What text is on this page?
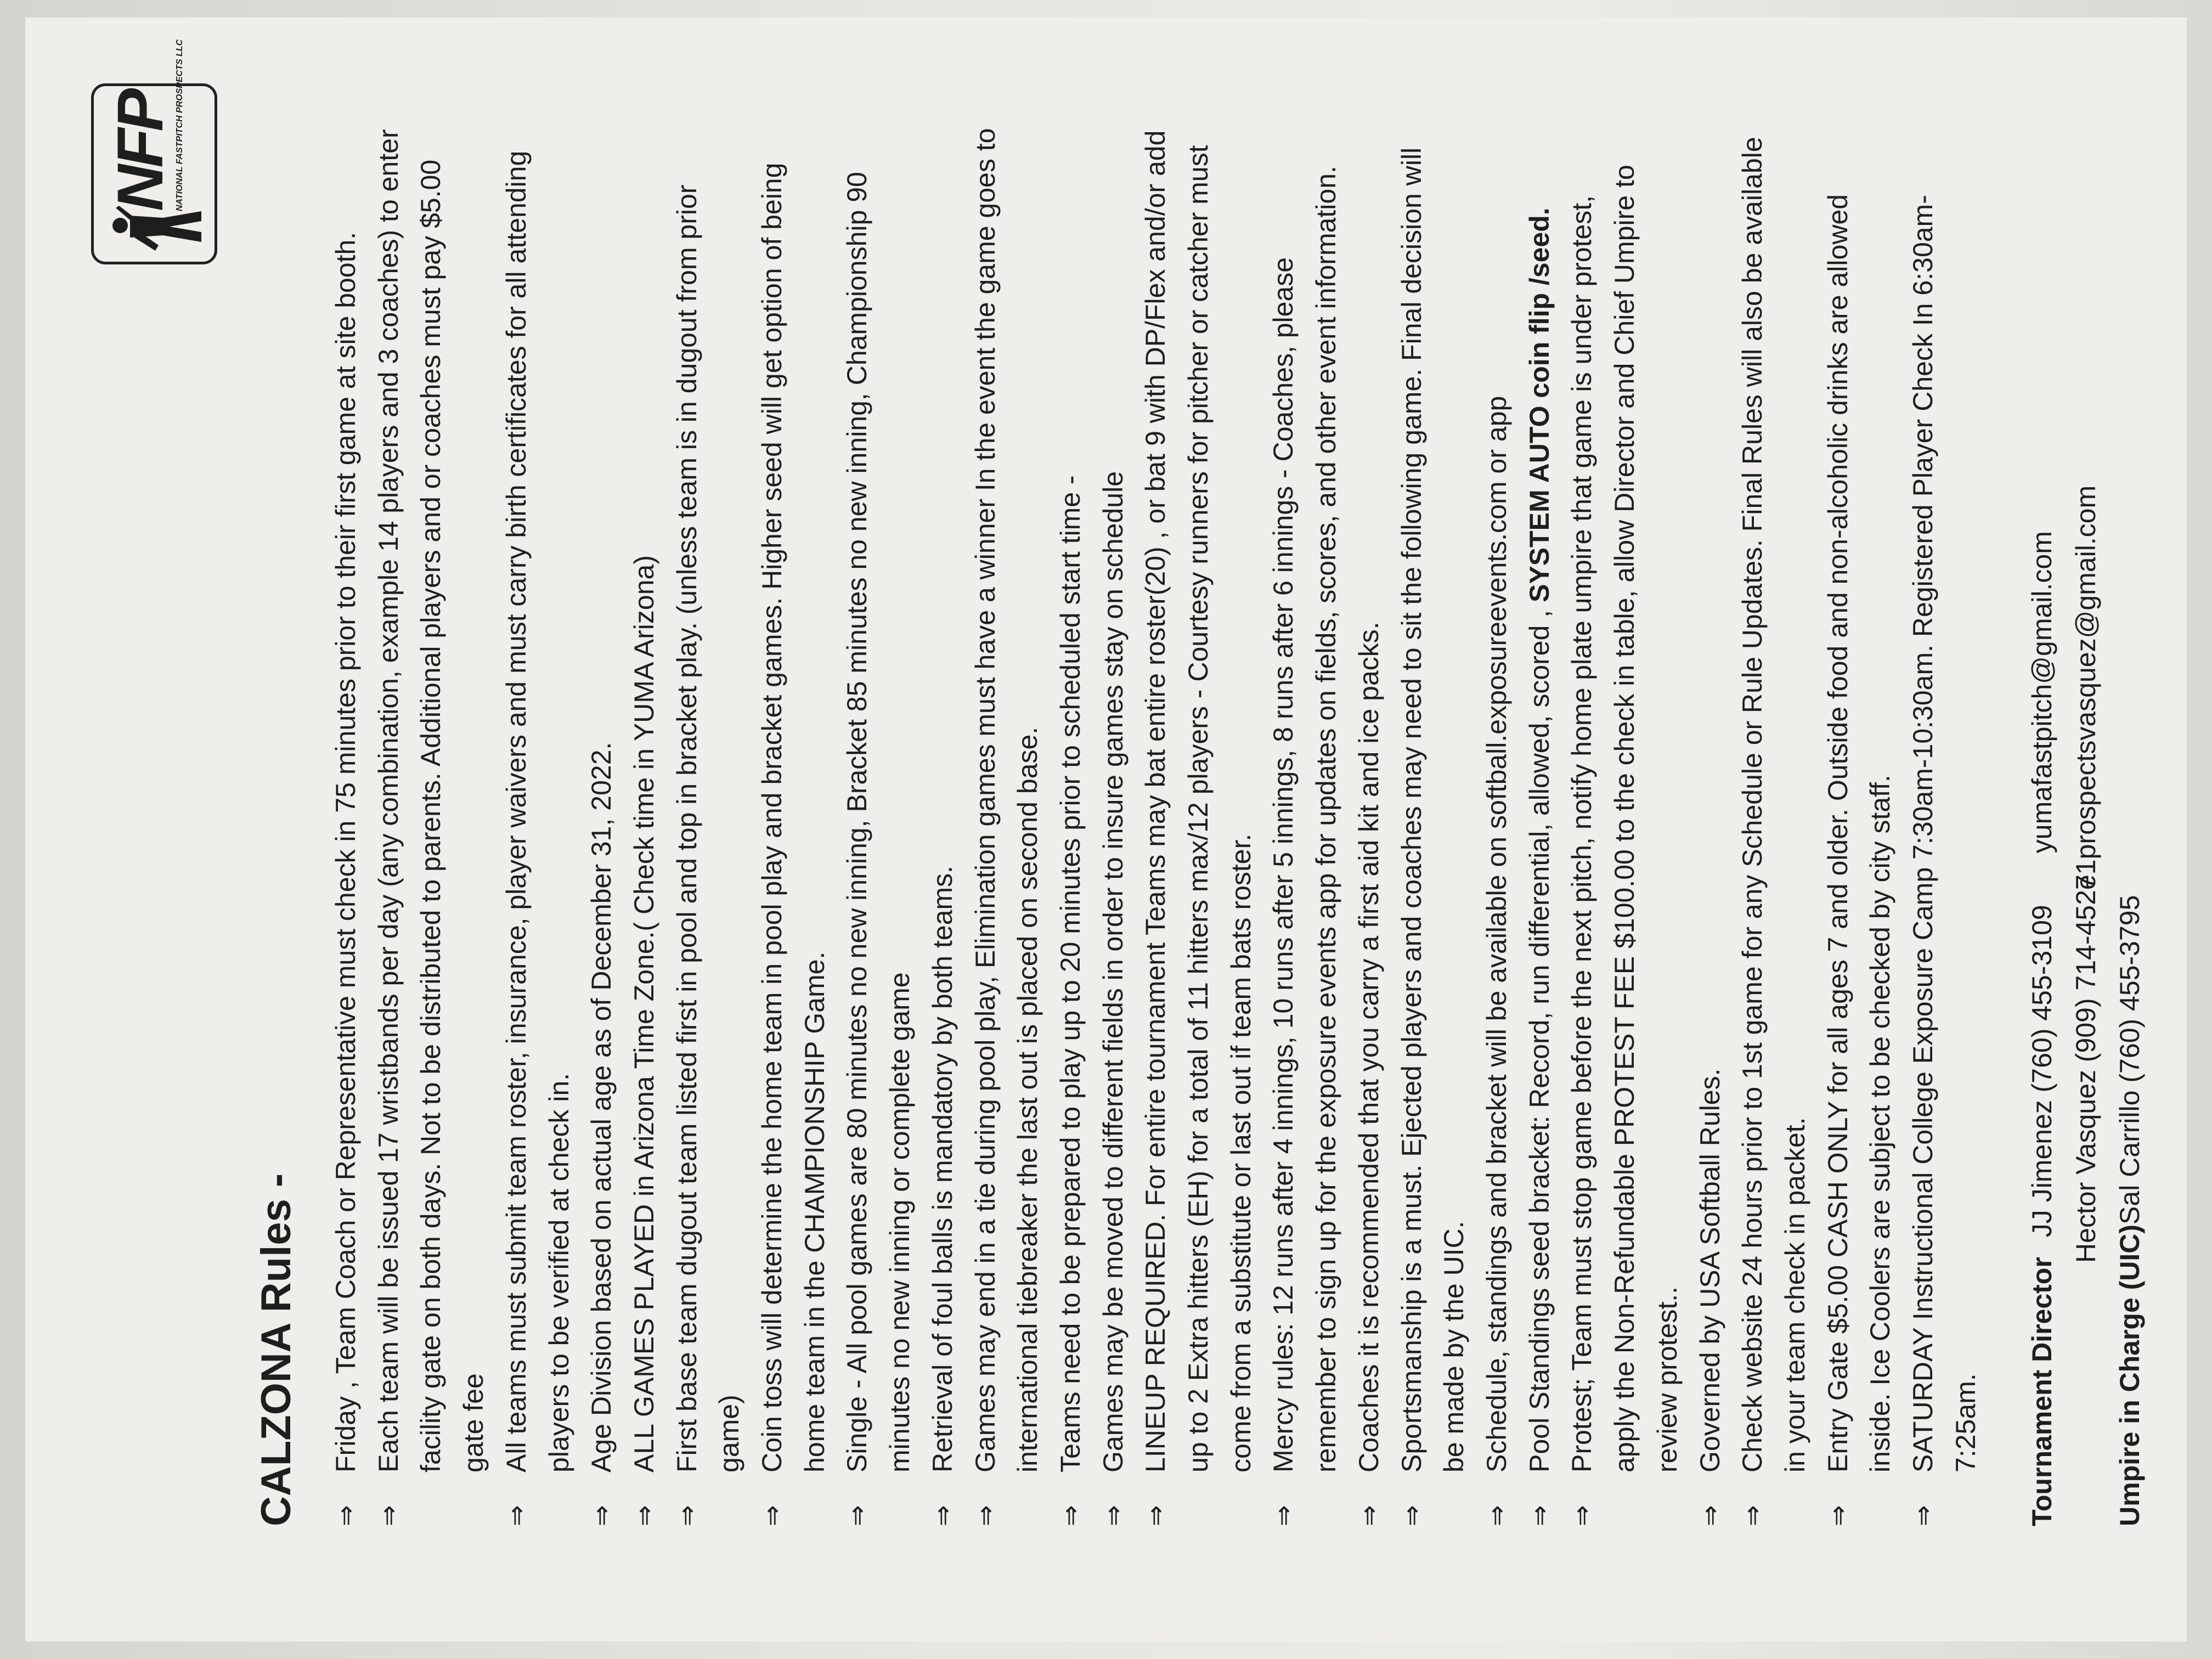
NFP
NATIONAL FASTPITCH PROSPECTS LLC
CALZONA Rules - ⇒
Friday , Team Coach or Representative must check in 75 minutes prior to their first game at site booth.
⇒
Each team will be issued 17 wristbands per day (any combination, example 14 players and 3 coaches) to enter facility gate on both days. Not to be distributed to parents. Additional players and or coaches must pay $5.00 gate fee
⇒
All teams must submit team roster, insurance, player waivers and must carry birth certificates for all attending players to be verified at check in.
⇒
Age Division based on actual age as of December 31, 2022.
⇒
ALL GAMES PLAYED in Arizona Time Zone.( Check time in YUMA Arizona)
⇒
First base team dugout team listed first in pool and top in bracket play. (unless team is in dugout from prior game)
⇒
Coin toss will determine the home team in pool play and bracket games. Higher seed will get option of being home team in the CHAMPIONSHIP Game.
⇒
Single - All pool games are 80 minutes no new inning, Bracket 85 minutes no new inning, Championship 90 minutes no new inning or complete game
⇒
Retrieval of foul balls is mandatory by both teams.
⇒
Games may end in a tie during pool play, Elimination games must have a winner In the event the game goes to international tiebreaker the last out is placed on second base.
⇒
Teams need to be prepared to play up to 20 minutes prior to scheduled start time -
⇒
Games may be moved to different fields in order to insure games stay on schedule
⇒
LINEUP REQUIRED. For entire tournament Teams may bat entire roster(20) , or bat 9 with DP/Flex and/or add up to 2 Extra hitters (EH) for a total of 11 hitters max/12 players - Courtesy runners for pitcher or catcher must come from a substitute or last out if team bats roster.
⇒
Mercy rules: 12 runs after 4 innings, 10 runs after 5 innings, 8 runs after 6 innings - Coaches, please remember to sign up for the exposure events app for updates on fields, scores, and other event information.
⇒
Coaches it is recommended that you carry a first aid kit and ice packs.
⇒
Sportsmanship is a must. Ejected players and coaches may need to sit the following game. Final decision will be made by the UIC.
⇒
Schedule, standings and bracket will be available on softball.exposureevents.com or app
⇒
Pool Standings seed bracket: Record, run differential, allowed, scored , SYSTEM AUTO coin flip /seed.
⇒
Protest; Team must stop game before the next pitch, notify home plate umpire that game is under protest, apply the Non-Refundable PROTEST FEE $100.00 to the check in table, allow Director and Chief Umpire to review protest..
⇒
Governed by USA Softball Rules.
⇒
Check website 24 hours prior to 1st game for any Schedule or Rule Updates. Final Rules will also be available in your team check in packet.
⇒
Entry Gate $5.00 CASH ONLY for all ages 7 and older. Outside food and non-alcoholic drinks are allowed inside. Ice Coolers are subject to be checked by city staff.
⇒
SATURDAY Instructional College Exposure Camp 7:30am-10:30am. Registered Player Check In 6:30am-7:25am. Tournament Director
JJ Jimenez (760) 455-3109
yumafastpitch@gmail.com
Hector Vasquez (909) 714-4527
e1prospectsvasquez@gmail.com
Umpire in Charge (UIC)
Sal Carrillo (760) 455-3795
